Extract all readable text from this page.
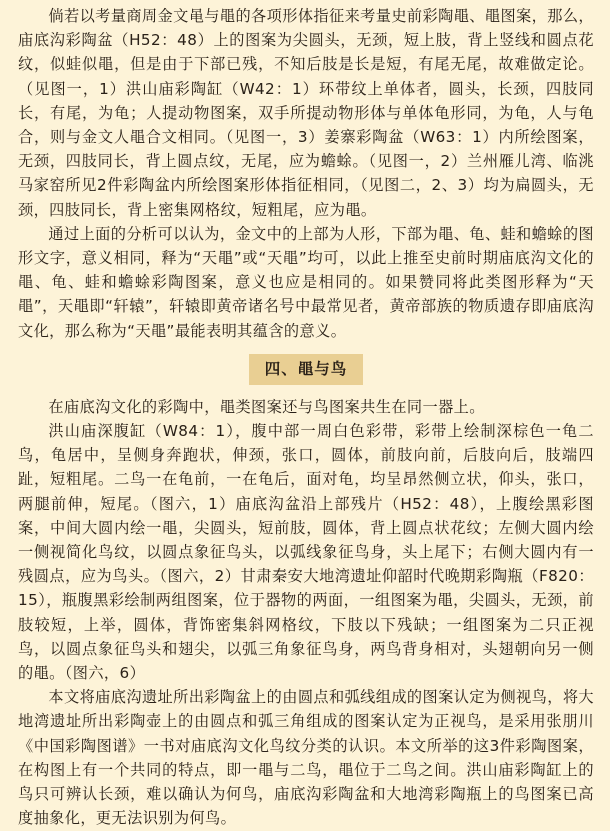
倘若以考量商周金文黾与黽的各项形体指征来考量史前彩陶黽、黽图案，那么，庙底沟彩陶盆（H52：48）上的图案为尖圆头，无颈，短上肢，背上竖线和圆点花纹，似蛙似黽，但是由于下部已残，不知后肢是长是短，有尾无尾，故难做定论。（见图一，1）洪山庙彩陶缸（W42：1）环带纹上单体者，圆头，长颈，四肢同长，有尾，为龟；人提动物图案，双手所提动物形体与单体龟形同，为龟，人与龟合，则与金文人黽合文相同。（见图一，3）姜寨彩陶盆（W63：1）内所绘图案，无颈，四肢同长，背上圆点纹，无尾，应为蟾蜍。（见图一，2）兰州雁儿湾、临洮马家窑所见2件彩陶盆内所绘图案形体指征相同，（见图二，2、3）均为扁圆头，无颈，四肢同长，背上密集网格纹，短粗尾，应为黽。

通过上面的分析可以认为，金文中的上部为人形，下部为黽、龟、蛙和蟾蜍的图形文字，意义相同，释为“天黽”或“天黽”均可，以此上推至史前时期庙底沟文化的黽、龟、蛙和蟾蜍彩陶图案，意义也应是相同的。如果赞同将此类图形释为“天黽”，天黽即“轩辕”，轩辕即黄帝诸名号中最常见者，黄帝部族的物质遗存即庙底沟文化，那么称为“天黽”最能表明其蕴含的意义。

四、黽与鸟

在庙底沟文化的彩陶中，黽类图案还与鸟图案共生在同一器上。

洪山庙深腹缸（W84：1），腹中部一周白色彩带，彩带上绘制深棕色一龟二鸟，龟居中，呈侧身奔跑状，伸颈，张口，圆体，前肢向前，后肢向后，肢端四趾，短粗尾。二鸟一在龟前，一在龟后，面对龟，均呈昂然侧立状，仰头，张口，两腿前伸，短尾。（图六，1）庙底沟盆沿上部残片（H52：48），上腹绘黑彩图案，中间大圆内绘一黽，尖圆头，短前肢，圆体，背上圆点状花纹；左侧大圆内绘一侧视简化鸟纹，以圆点象征鸟头，以弧线象征鸟身，头上尾下；右侧大圆内有一残圆点，应为鸟头。（图六，2）甘肃秦安大地湾遗址仰韶时代晚期彩陶瓶（F820：15），瓶腹黑彩绘制两组图案，位于器物的两面，一组图案为黽，尖圆头，无颈，前肢较短，上举，圆体，背饰密集斜网格纹，下肢以下残缺；一组图案为二只正视鸟，以圆点象征鸟头和翅尖，以弧三角象征鸟身，两鸟背身相对，头翅朝向另一侧的黽。（图六，6）

本文将庙底沟遗址所出彩陶盆上的由圆点和弧线组成的图案认定为侧视鸟，将大地湾遗址所出彩陶壶上的由圆点和弧三角组成的图案认定为正视鸟，是采用张朋川《中国彩陶图谱》一书对庙底沟文化鸟纹分类的认识。本文所举的这3件彩陶图案，在构图上有一个共同的特点，即一黽与二鸟，黽位于二鸟之间。洪山庙彩陶缸上的鸟只可辨认长颈，难以确认为何鸟，庙底沟彩陶盆和大地湾彩陶瓶上的鸟图案已高度抽象化，更无法识别为何鸟。
